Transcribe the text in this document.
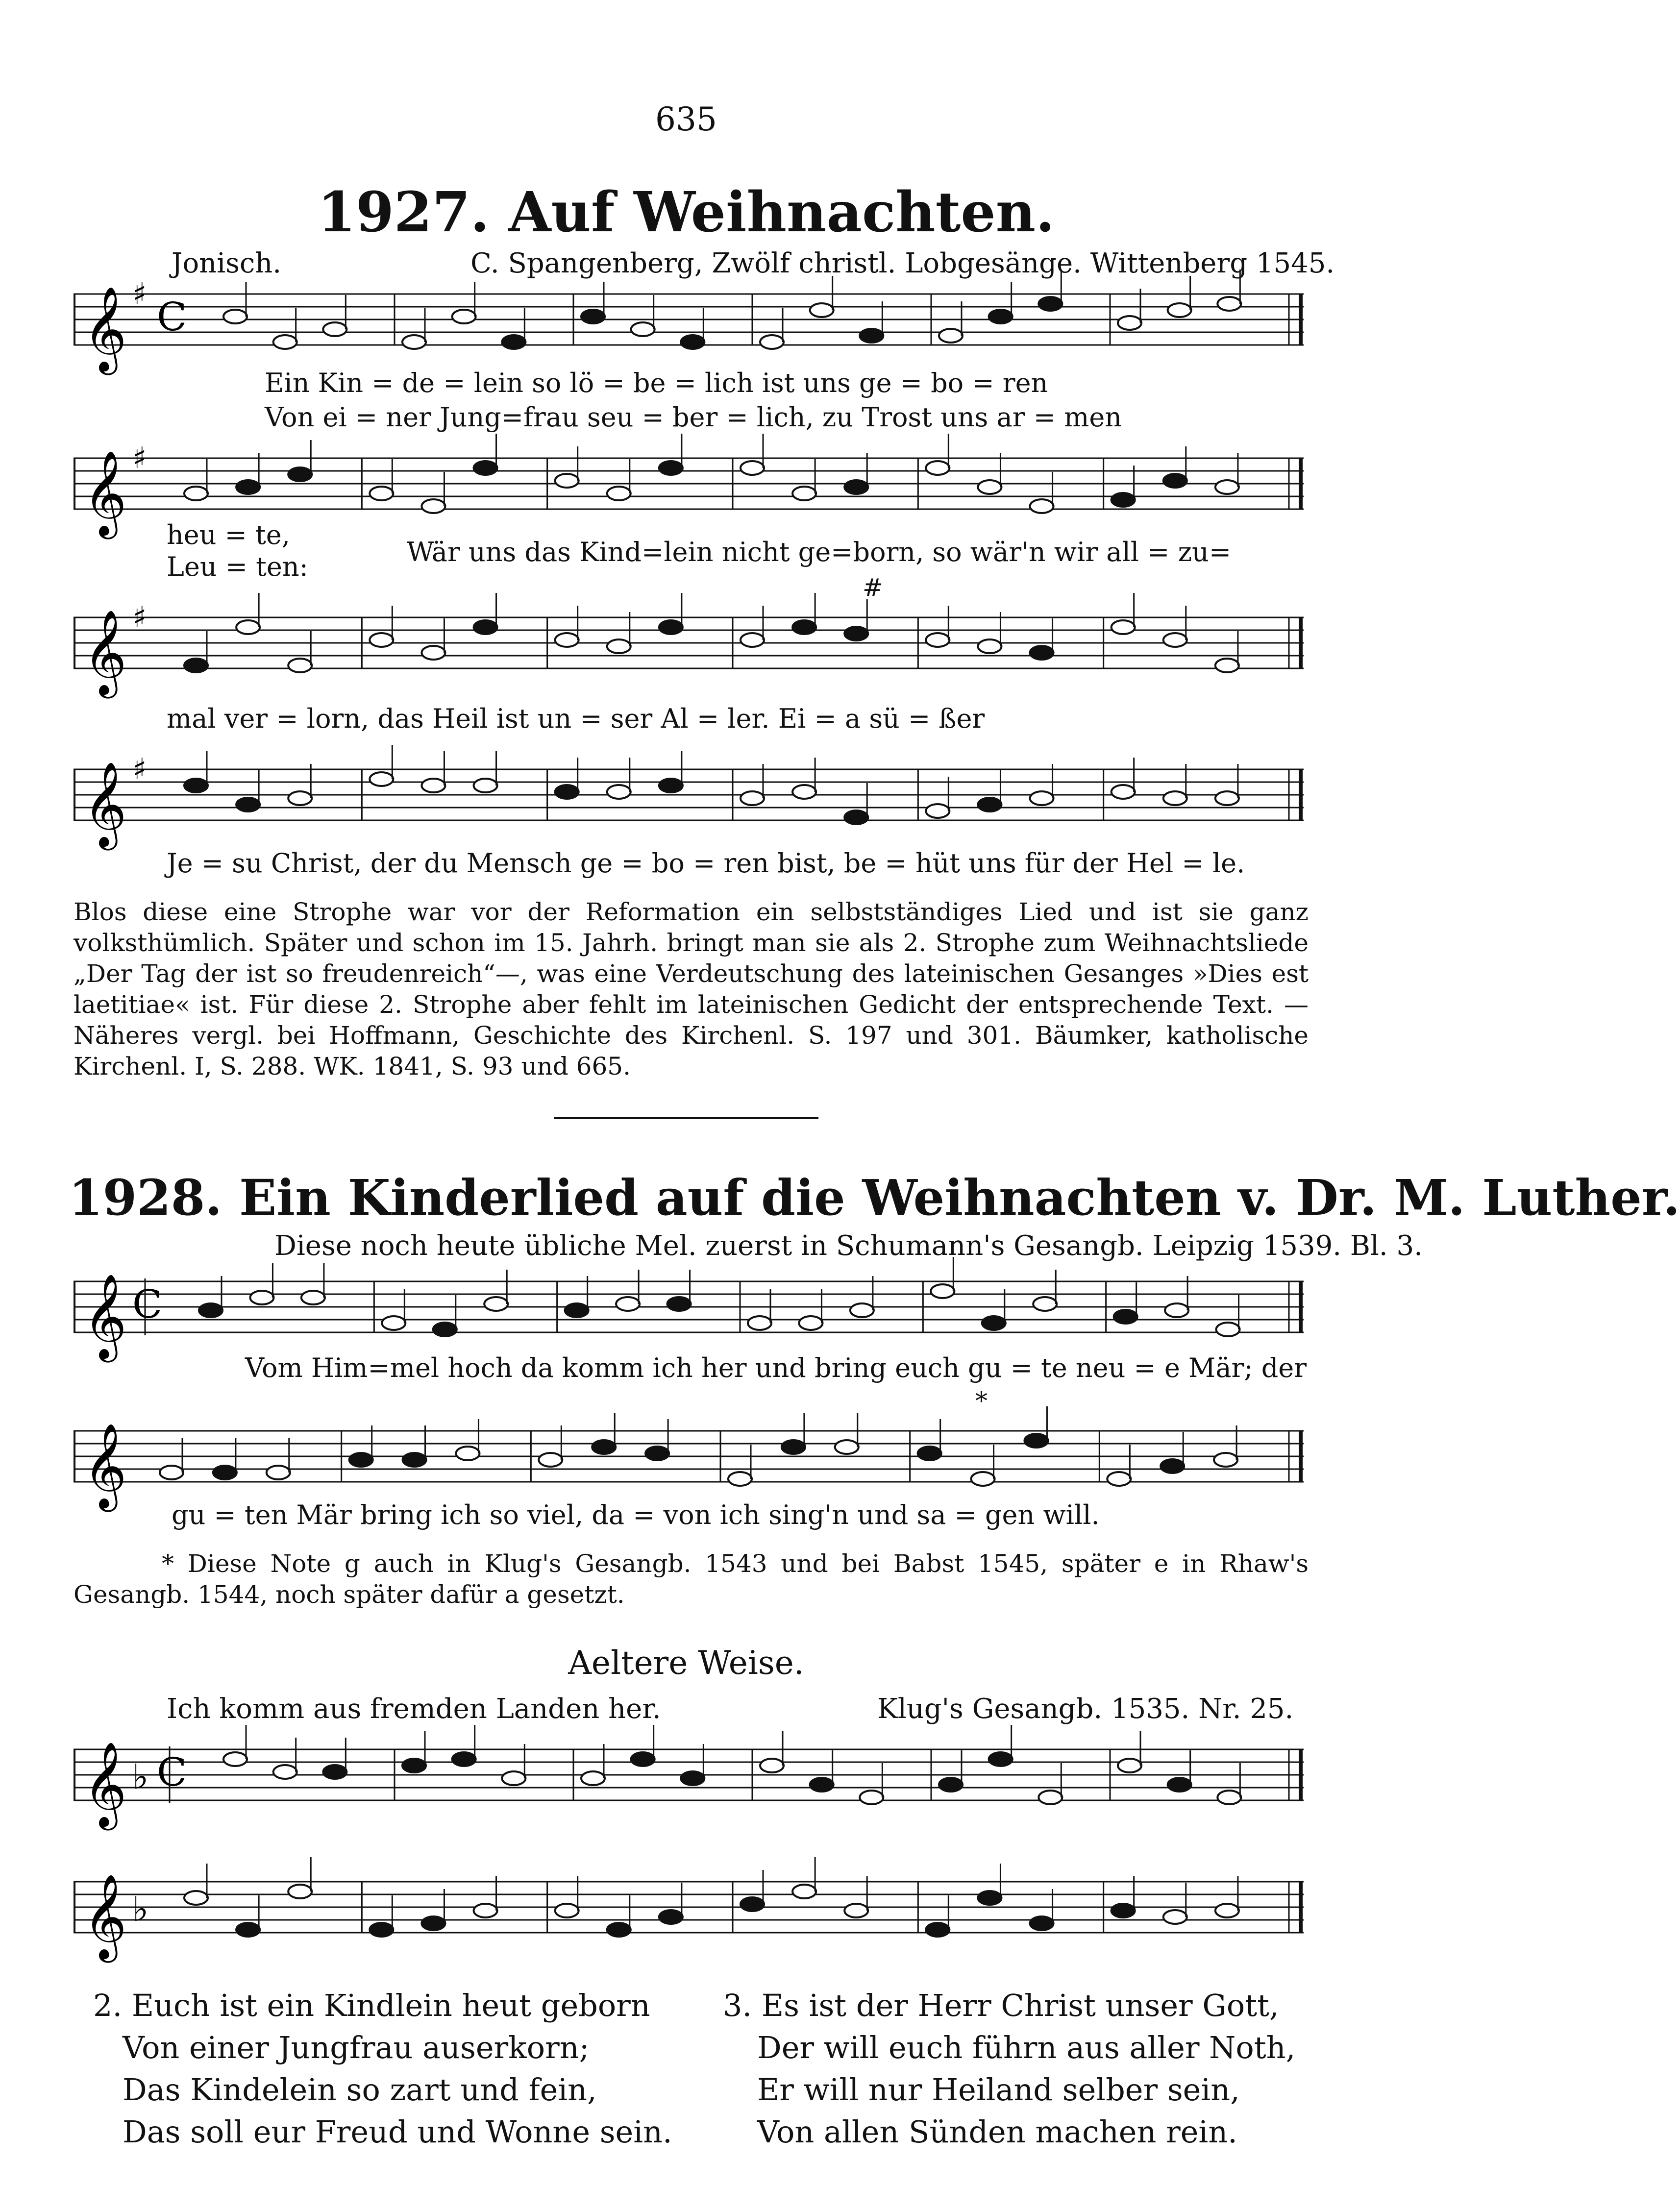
635
1927. Auf Weihnachten.
Jonisch.	C. Spangenberg, Zwölf christl. Lobgesänge. Wittenberg 1545.
𝄞 ♯ C
Ein Kin = de = lein so lö = be = lich ist uns ge = bo = ren
Von ei = ner Jung=frau seu = ber = lich, zu Trost uns ar = men
𝄞 ♯
heu = te,
Leu = ten:	Wär uns das Kind=lein nicht ge=born, so wär'n wir all = zu=
#
𝄞 ♯
mal ver = lorn, das Heil ist un = ser Al = ler. Ei = a sü = ßer
𝄞 ♯
Je = su Christ, der du Mensch ge = bo = ren bist, be = hüt uns für der Hel = le.
Blos diese eine Strophe war vor der Reformation ein selbstständiges Lied und ist sie ganz volksthümlich. Später und schon im 15. Jahrh. bringt man sie als 2. Strophe zum Weihnachtsliede „Der Tag der ist so freudenreich“—, was eine Verdeutschung des lateinischen Gesanges »Dies est laetitiae« ist. Für diese 2. Strophe aber fehlt im lateinischen Gedicht der entsprechende Text. — Näheres vergl. bei Hoffmann, Geschichte des Kirchenl. S. 197 und 301. Bäumker, katholische Kirchenl. I, S. 288. WK. 1841, S. 93 und 665.
1928. Ein Kinderlied auf die Weihnachten v. Dr. M. Luther.
Diese noch heute übliche Mel. zuerst in Schumann's Gesangb. Leipzig 1539. Bl. 3.
𝄞 C
Vom Him=mel hoch da komm ich her und bring euch gu = te neu = e Mär; der
*
𝄞
gu = ten Mär bring ich so viel, da = von ich sing'n und sa = gen will.
* Diese Note g auch in Klug's Gesangb. 1543 und bei Babst 1545, später e in Rhaw's Gesangb. 1544, noch später dafür a gesetzt.
Aeltere Weise.
Ich komm aus fremden Landen her.	Klug's Gesangb. 1535. Nr. 25.
𝄞 ♭ C
𝄞 ♭
2. Euch ist ein Kindlein heut geborn
Von einer Jungfrau auserkorn;
Das Kindelein so zart und fein,
Das soll eur Freud und Wonne sein.
3. Es ist der Herr Christ unser Gott,
Der will euch führn aus aller Noth,
Er will nur Heiland selber sein,
Von allen Sünden machen rein.
